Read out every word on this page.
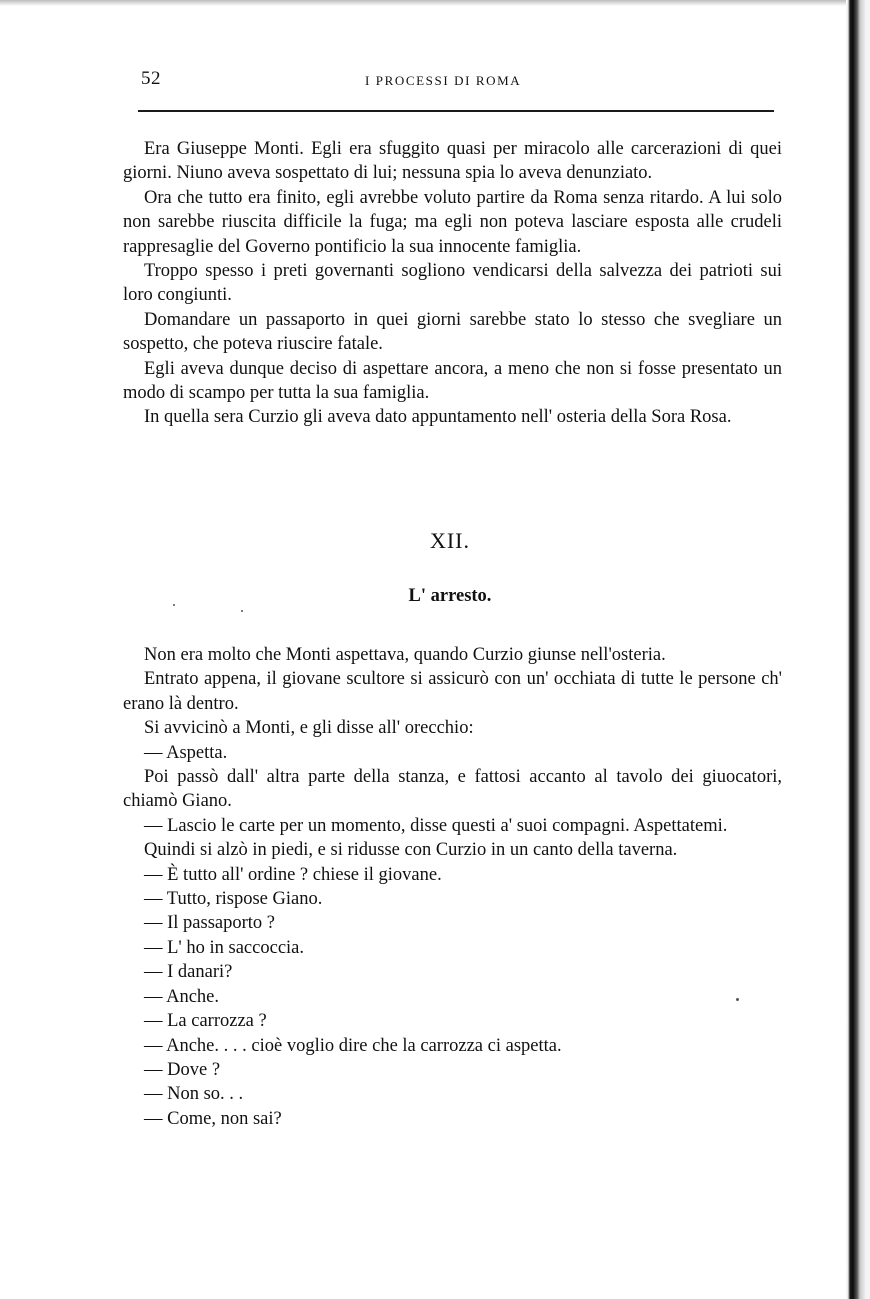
52	I PROCESSI DI ROMA

Era Giuseppe Monti. Egli era sfuggito quasi per miracolo alle carcerazioni di quei giorni. Niuno aveva sospettato di lui; nessuna spia lo aveva denunziato.

Ora che tutto era finito, egli avrebbe voluto partire da Roma senza ritardo. A lui solo non sarebbe riuscita difficile la fuga; ma egli non poteva lasciare esposta alle crudeli rappresaglie del Governo pontificio la sua innocente famiglia.

Troppo spesso i preti governanti sogliono vendicarsi della salvezza dei patrioti sui loro congiunti.

Domandare un passaporto in quei giorni sarebbe stato lo stesso che svegliare un sospetto, che poteva riuscire fatale.

Egli aveva dunque deciso di aspettare ancora, a meno che non si fosse presentato un modo di scampo per tutta la sua famiglia.

In quella sera Curzio gli aveva dato appuntamento nell' osteria della Sora Rosa.

XII.
L' arresto.

Non era molto che Monti aspettava, quando Curzio giunse nell'osteria.

Entrato appena, il giovane scultore si assicurò con un' occhiata di tutte le persone ch' erano là dentro.

Si avvicinò a Monti, e gli disse all' orecchio:

— Aspetta.

Poi passò dall' altra parte della stanza, e fattosi accanto al tavolo dei giuocatori, chiamò Giano.

— Lascio le carte per un momento, disse questi a' suoi compagni. Aspettatemi.

Quindi si alzò in piedi, e si ridusse con Curzio in un canto della taverna.

— È tutto all' ordine ? chiese il giovane.

— Tutto, rispose Giano.

— Il passaporto ?

— L' ho in saccoccia.

— I danari?

— Anche.

— La carrozza ?

— Anche. . . . cioè voglio dire che la carrozza ci aspetta.

— Dove ?

— Non so. . .

— Come, non sai?
